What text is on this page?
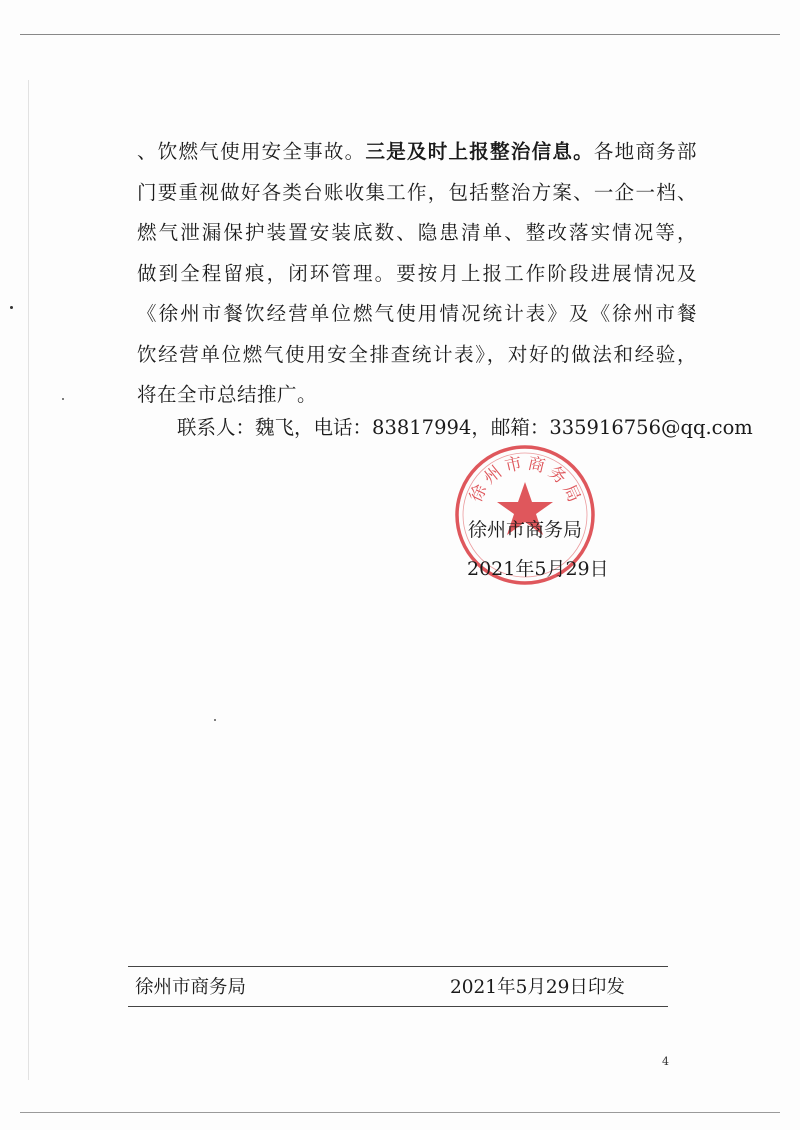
、饮燃气使用安全事故。三是及时上报整治信息。各地商务部
门要重视做好各类台账收集工作，包括整治方案、一企一档、
燃气泄漏保护装置安装底数、隐患清单、整改落实情况等，
做到全程留痕，闭环管理。要按月上报工作阶段进展情况及
《徐州市餐饮经营单位燃气使用情况统计表》及《徐州市餐
饮经营单位燃气使用安全排查统计表》，对好的做法和经验，
将在全市总结推广。
联系人：魏飞，电话：83817994，邮箱：335916756@qq.com
徐
州
市 商
务
局
徐州市商务局
2021年5月29日
徐州市商务局	2021年5月29日印发
4
